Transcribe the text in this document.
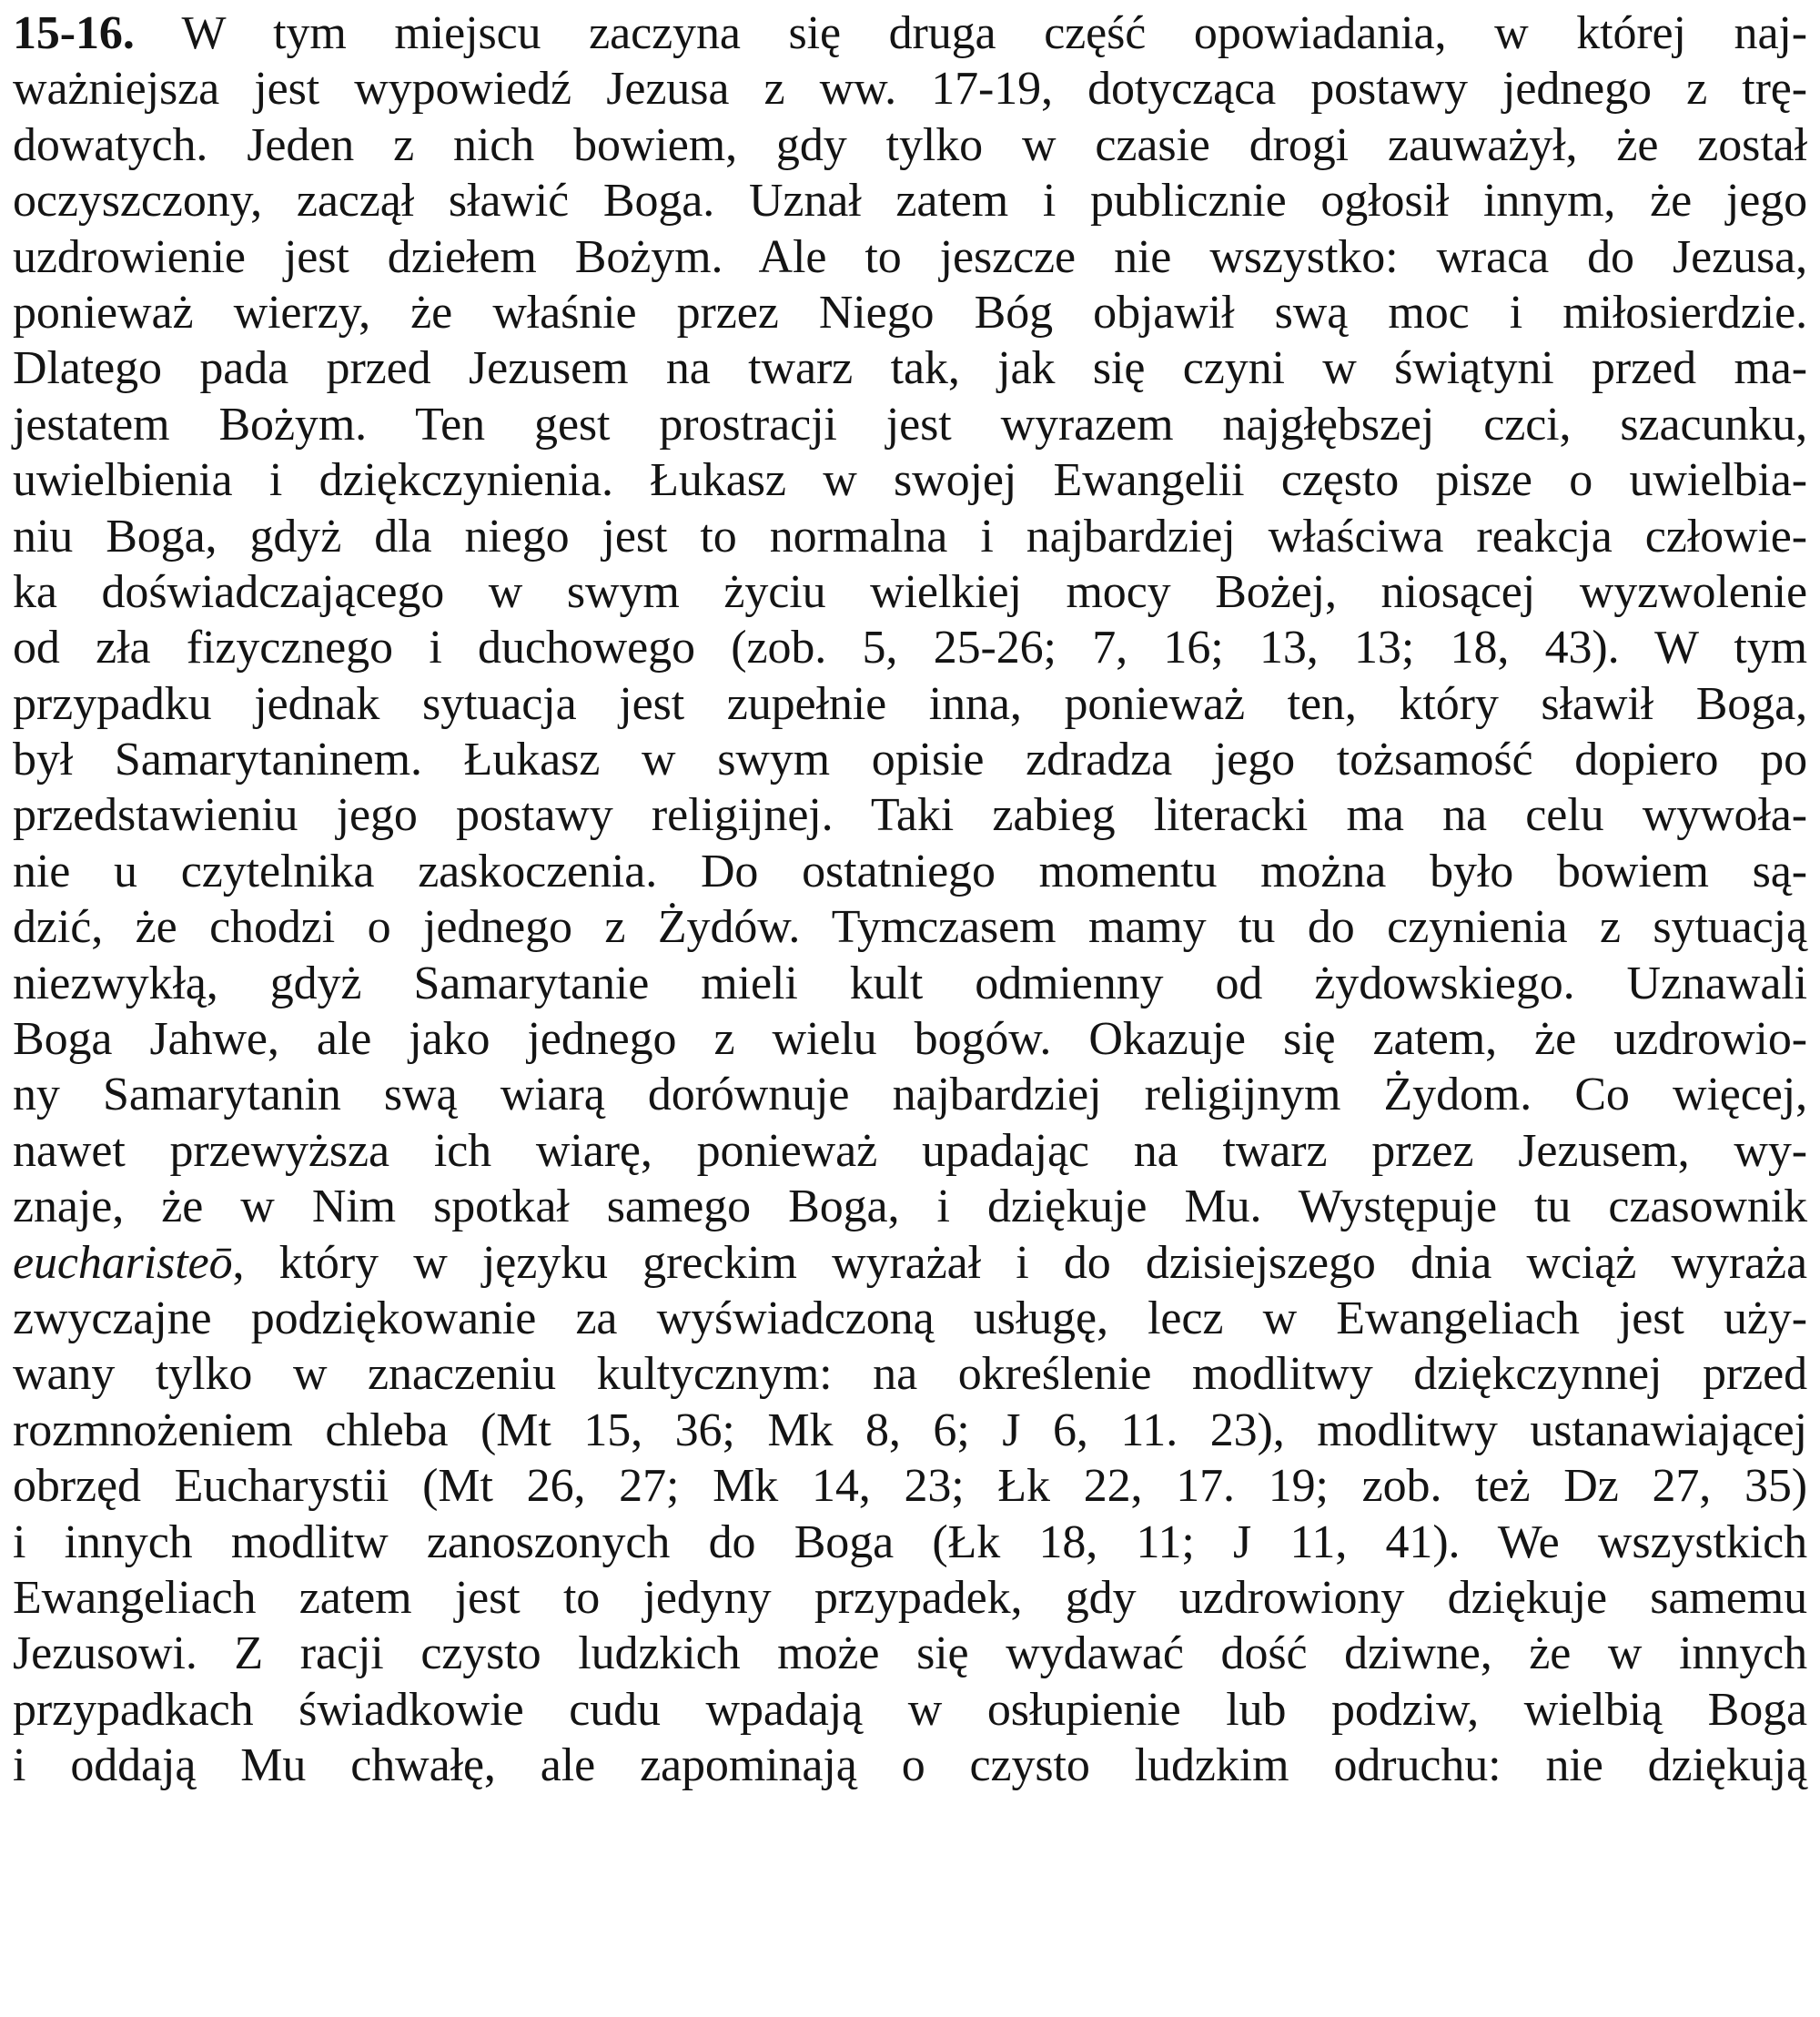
15-16. W tym miejscu zaczyna się druga część opowiadania, w której naj-
ważniejsza jest wypowiedź Jezusa z ww. 17-19, dotycząca postawy jednego z trę-
dowatych. Jeden z nich bowiem, gdy tylko w czasie drogi zauważył, że został
oczyszczony, zaczął sławić Boga. Uznał zatem i publicznie ogłosił innym, że jego
uzdrowienie jest dziełem Bożym. Ale to jeszcze nie wszystko: wraca do Jezusa,
ponieważ wierzy, że właśnie przez Niego Bóg objawił swą moc i miłosierdzie.
Dlatego pada przed Jezusem na twarz tak, jak się czyni w świątyni przed ma-
jestatem Bożym. Ten gest prostracji jest wyrazem najgłębszej czci, szacunku,
uwielbienia i dziękczynienia. Łukasz w swojej Ewangelii często pisze o uwielbia-
niu Boga, gdyż dla niego jest to normalna i najbardziej właściwa reakcja człowie-
ka doświadczającego w swym życiu wielkiej mocy Bożej, niosącej wyzwolenie
od zła fizycznego i duchowego (zob. 5, 25-26; 7, 16; 13, 13; 18, 43). W tym
przypadku jednak sytuacja jest zupełnie inna, ponieważ ten, który sławił Boga,
był Samarytaninem. Łukasz w swym opisie zdradza jego tożsamość dopiero po
przedstawieniu jego postawy religijnej. Taki zabieg literacki ma na celu wywoła-
nie u czytelnika zaskoczenia. Do ostatniego momentu można było bowiem są-
dzić, że chodzi o jednego z Żydów. Tymczasem mamy tu do czynienia z sytuacją
niezwykłą, gdyż Samarytanie mieli kult odmienny od żydowskiego. Uznawali
Boga Jahwe, ale jako jednego z wielu bogów. Okazuje się zatem, że uzdrowio-
ny Samarytanin swą wiarą dorównuje najbardziej religijnym Żydom. Co więcej,
nawet przewyższa ich wiarę, ponieważ upadając na twarz przez Jezusem, wy-
znaje, że w Nim spotkał samego Boga, i dziękuje Mu. Występuje tu czasownik
eucharisteō, który w języku greckim wyrażał i do dzisiejszego dnia wciąż wyraża
zwyczajne podziękowanie za wyświadczoną usługę, lecz w Ewangeliach jest uży-
wany tylko w znaczeniu kultycznym: na określenie modlitwy dziękczynnej przed
rozmnożeniem chleba (Mt 15, 36; Mk 8, 6; J 6, 11. 23), modlitwy ustanawiającej
obrzęd Eucharystii (Mt 26, 27; Mk 14, 23; Łk 22, 17. 19; zob. też Dz 27, 35)
i innych modlitw zanoszonych do Boga (Łk 18, 11; J 11, 41). We wszystkich
Ewangeliach zatem jest to jedyny przypadek, gdy uzdrowiony dziękuje samemu
Jezusowi. Z racji czysto ludzkich może się wydawać dość dziwne, że w innych
przypadkach świadkowie cudu wpadają w osłupienie lub podziw, wielbią Boga
i oddają Mu chwałę, ale zapominają o czysto ludzkim odruchu: nie dziękują
